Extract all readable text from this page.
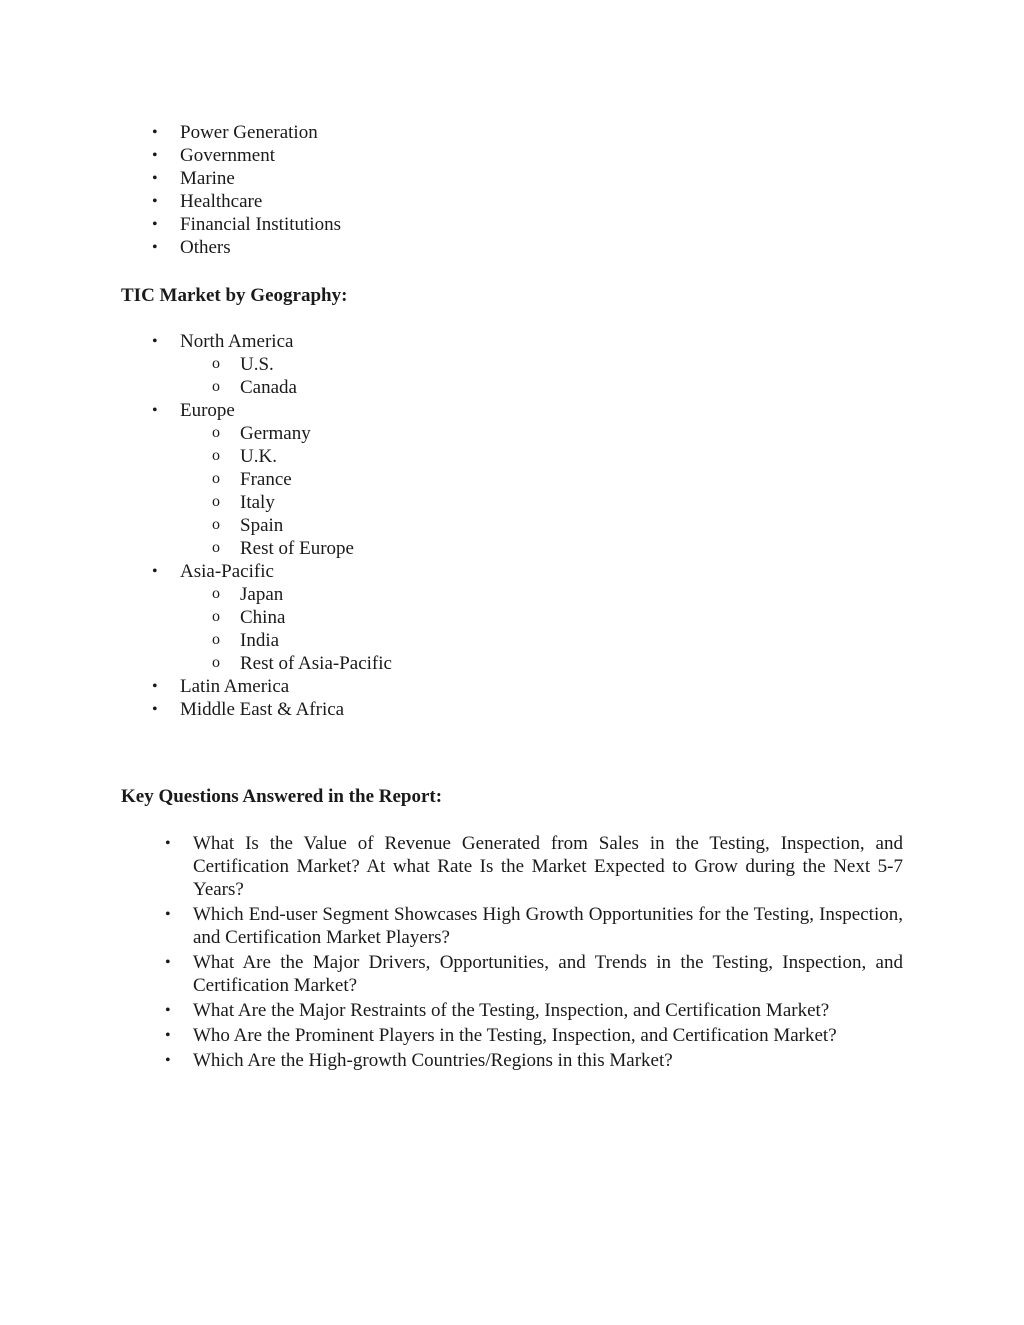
• Power Generation
• Government
• Marine
• Healthcare
• Financial Institutions
• Others
TIC Market by Geography:
• North America
o U.S.
o Canada
• Europe
o Germany
o U.K.
o France
o Italy
o Spain
o Rest of Europe
• Asia-Pacific
o Japan
o China
o India
o Rest of Asia-Pacific
• Latin America
• Middle East & Africa
Key Questions Answered in the Report:
• What Is the Value of Revenue Generated from Sales in the Testing, Inspection, and Certification Market? At what Rate Is the Market Expected to Grow during the Next 5-7 Years?
• Which End-user Segment Showcases High Growth Opportunities for the Testing, Inspection, and Certification Market Players?
• What Are the Major Drivers, Opportunities, and Trends in the Testing, Inspection, and Certification Market?
• What Are the Major Restraints of the Testing, Inspection, and Certification Market?
• Who Are the Prominent Players in the Testing, Inspection, and Certification Market?
• Which Are the High-growth Countries/Regions in this Market?
